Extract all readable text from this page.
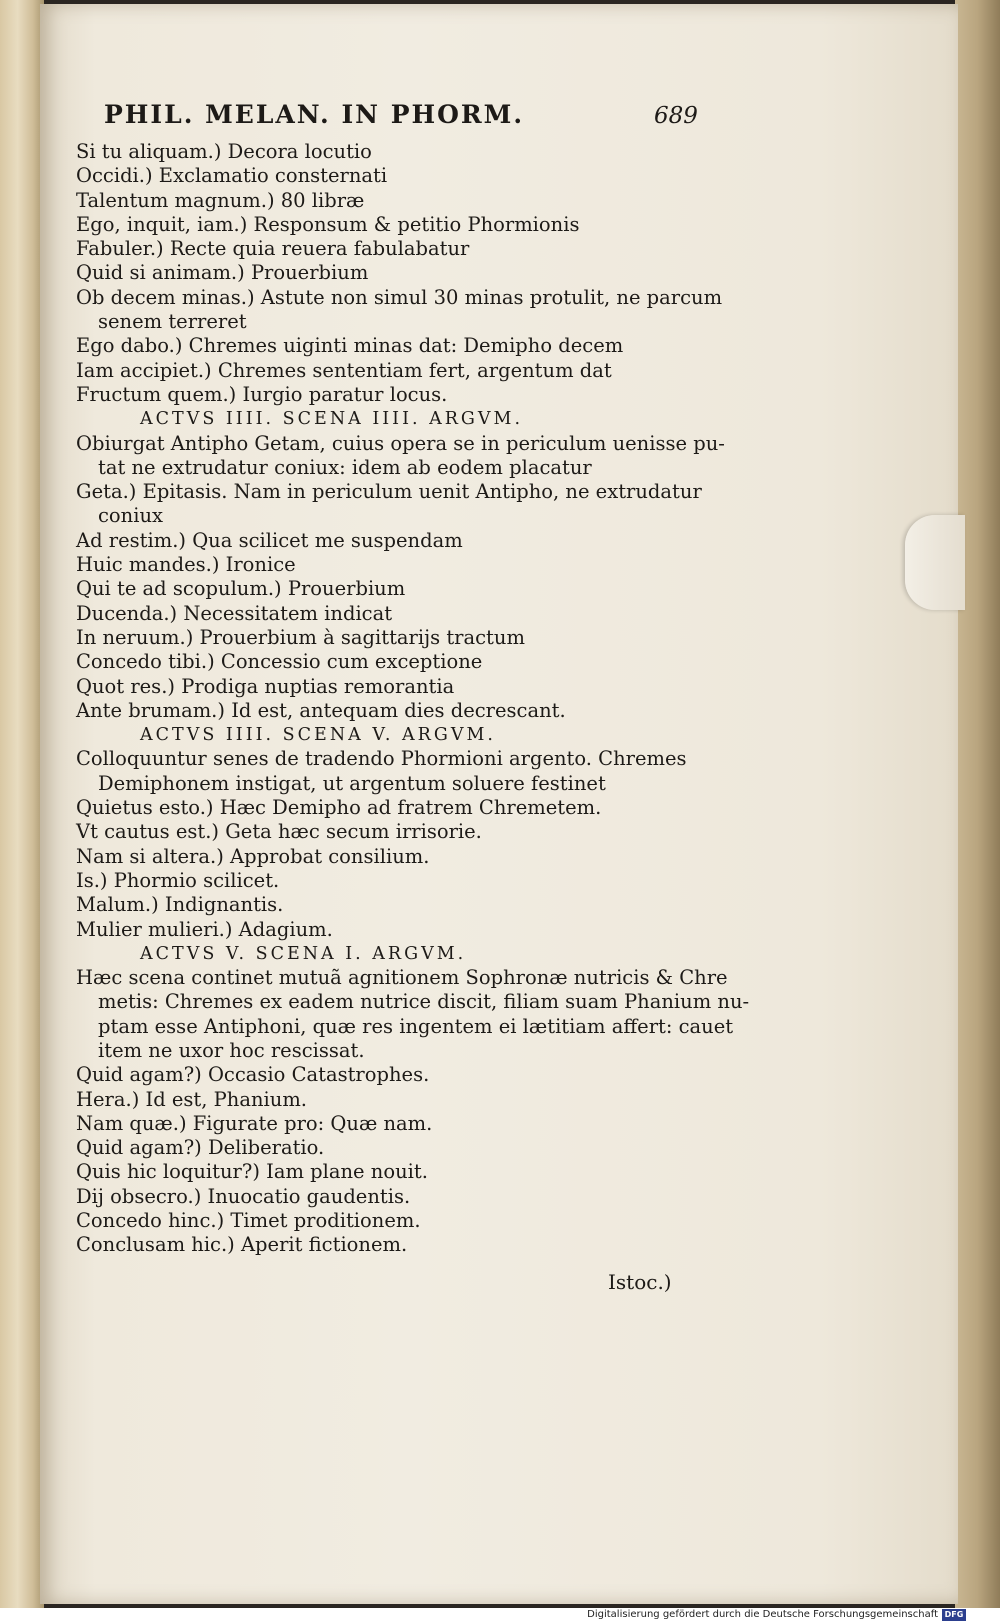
PHIL. MELAN. IN PHORM.	689
Si tu aliquam.) Decora locutio
Occidi.) Exclamatio consternati
Talentum magnum.) 80 libræ
Ego, inquit, iam.) Responsum & petitio Phormionis
Fabuler.) Recte quia reuera fabulabatur
Quid si animam.) Prouerbium
Ob decem minas.) Astute non simul 30 minas protulit, ne parcum
senem terreret
Ego dabo.) Chremes uiginti minas dat: Demipho decem
Iam accipiet.) Chremes sententiam fert, argentum dat
Fructum quem.) Iurgio paratur locus.
ACTVS IIII. SCENA IIII. ARGVM.
Obiurgat Antipho Getam, cuius opera se in periculum uenisse pu-
tat ne extrudatur coniux: idem ab eodem placatur
Geta.) Epitasis. Nam in periculum uenit Antipho, ne extrudatur
coniux
Ad restim.) Qua scilicet me suspendam
Huic mandes.) Ironice
Qui te ad scopulum.) Prouerbium
Ducenda.) Necessitatem indicat
In neruum.) Prouerbium à sagittarijs tractum
Concedo tibi.) Concessio cum exceptione
Quot res.) Prodiga nuptias remorantia
Ante brumam.) Id est, antequam dies decrescant.
ACTVS IIII. SCENA V. ARGVM.
Colloquuntur senes de tradendo Phormioni argento. Chremes
Demiphonem instigat, ut argentum soluere festinet
Quietus esto.) Hæc Demipho ad fratrem Chremetem.
Vt cautus est.) Geta hæc secum irrisorie.
Nam si altera.) Approbat consilium.
Is.) Phormio scilicet.
Malum.) Indignantis.
Mulier mulieri.) Adagium.
ACTVS V. SCENA I. ARGVM.
Hæc scena continet mutuã agnitionem Sophronæ nutricis & Chre
metis: Chremes ex eadem nutrice discit, filiam suam Phanium nu-
ptam esse Antiphoni, quæ res ingentem ei lætitiam affert: cauet
item ne uxor hoc rescissat.
Quid agam?) Occasio Catastrophes.
Hera.) Id est, Phanium.
Nam quæ.) Figurate pro: Quæ nam.
Quid agam?) Deliberatio.
Quis hic loquitur?) Iam plane nouit.
Dij obsecro.) Inuocatio gaudentis.
Concedo hinc.) Timet proditionem.
Conclusam hic.) Aperit fictionem.
Istoc.)
Digitalisierung gefördert durch die Deutsche Forschungsgemeinschaft DFG
